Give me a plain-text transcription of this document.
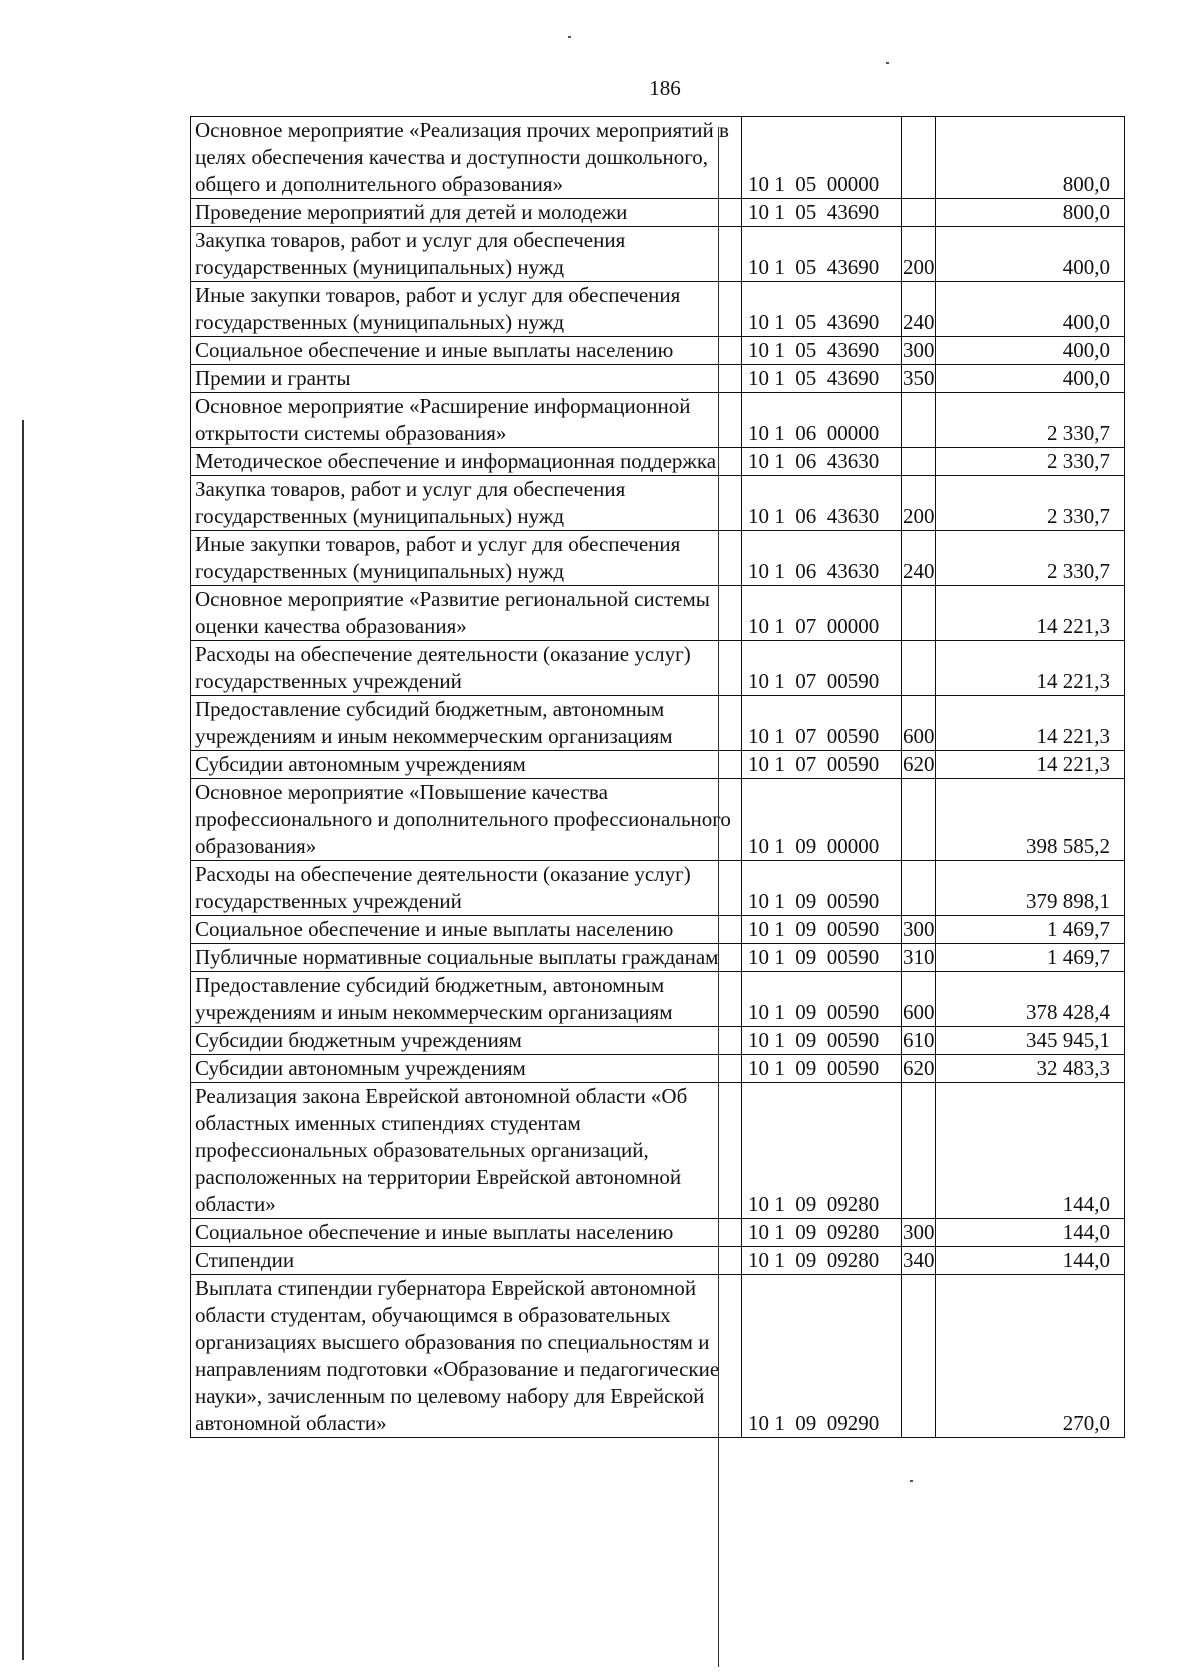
186
Основное мероприятие «Реализация прочих мероприятий в целях обеспечения качества и доступности дошкольного, общего и дополнительного образования»	10 1  05  00000		800,0
Проведение мероприятий для детей и молодежи	10 1  05  43690		800,0
Закупка товаров, работ и услуг для обеспечения государственных (муниципальных) нужд	10 1  05  43690	200	400,0
Иные закупки товаров, работ и услуг для обеспечения государственных (муниципальных) нужд	10 1  05  43690	240	400,0
Социальное обеспечение и иные выплаты населению	10 1  05  43690	300	400,0
Премии и гранты	10 1  05  43690	350	400,0
Основное мероприятие «Расширение информационной открытости системы образования»	10 1  06  00000		2 330,7
Методическое обеспечение и информационная поддержка	10 1  06  43630		2 330,7
Закупка товаров, работ и услуг для обеспечения государственных (муниципальных) нужд	10 1  06  43630	200	2 330,7
Иные закупки товаров, работ и услуг для обеспечения государственных (муниципальных) нужд	10 1  06  43630	240	2 330,7
Основное мероприятие «Развитие региональной системы оценки качества образования»	10 1  07  00000		14 221,3
Расходы на обеспечение деятельности (оказание услуг) государственных учреждений	10 1  07  00590		14 221,3
Предоставление субсидий бюджетным, автономным учреждениям и иным некоммерческим организациям	10 1  07  00590	600	14 221,3
Субсидии автономным учреждениям	10 1  07  00590	620	14 221,3
Основное мероприятие «Повышение качества профессионального и дополнительного профессионального образования»	10 1  09  00000		398 585,2
Расходы на обеспечение деятельности (оказание услуг) государственных учреждений	10 1  09  00590		379 898,1
Социальное обеспечение и иные выплаты населению	10 1  09  00590	300	1 469,7
Публичные нормативные социальные выплаты гражданам	10 1  09  00590	310	1 469,7
Предоставление субсидий бюджетным, автономным учреждениям и иным некоммерческим организациям	10 1  09  00590	600	378 428,4
Субсидии бюджетным учреждениям	10 1  09  00590	610	345 945,1
Субсидии автономным учреждениям	10 1  09  00590	620	32 483,3
Реализация закона Еврейской автономной области «Об областных именных стипендиях студентам профессиональных образовательных организаций, расположенных на территории Еврейской автономной области»	10 1  09  09280		144,0
Социальное обеспечение и иные выплаты населению	10 1  09  09280	300	144,0
Стипендии	10 1  09  09280	340	144,0
Выплата стипендии губернатора Еврейской автономной области студентам, обучающимся в образовательных организациях высшего образования по специальностям и направлениям подготовки «Образование и педагогические науки», зачисленным по целевому набору для Еврейской автономной области»	10 1  09  09290		270,0
